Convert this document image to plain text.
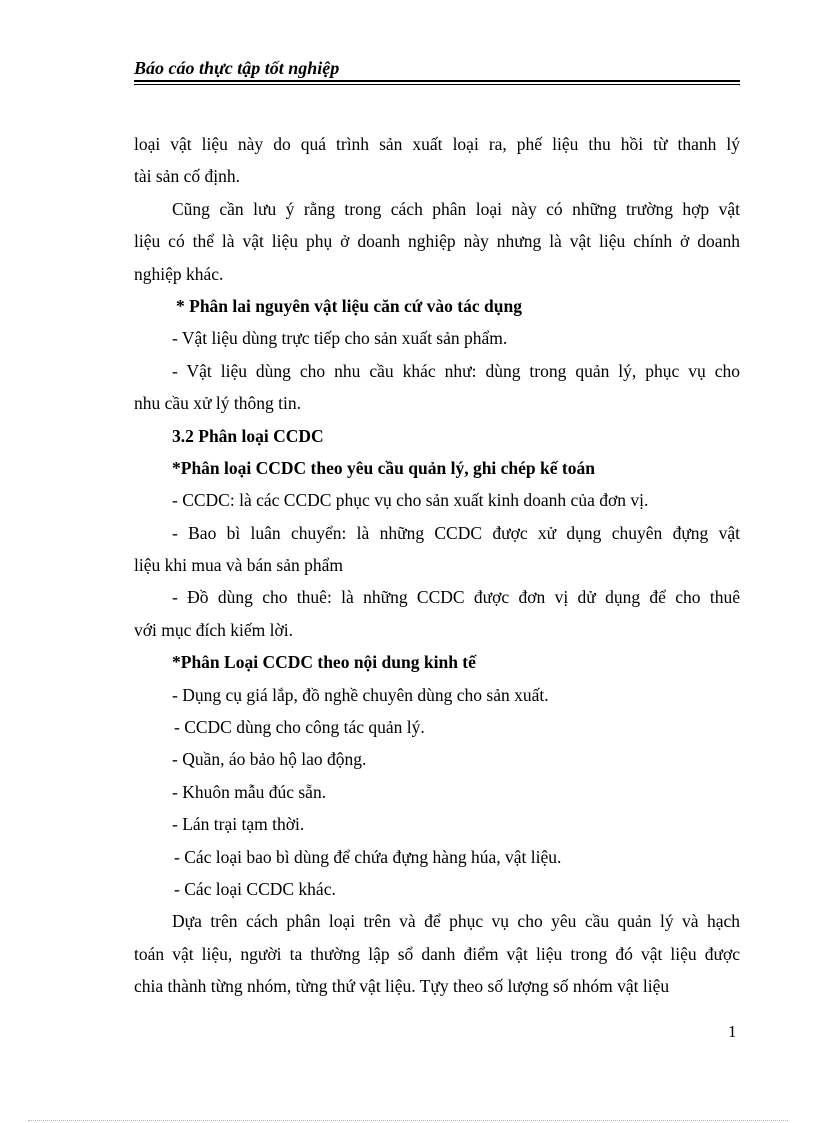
Báo cáo thực tập tốt nghiệp
loại vật liệu này do quá trình sản xuất loại ra, phế liệu thu hồi từ thanh lý
tài sản cố định.
Cũng cần lưu ý rằng trong cách phân loại này có những trường hợp vật
liệu có thể là vật liệu phụ ở doanh nghiệp này nhưng là vật liệu chính ở doanh
nghiệp khác.
* Phân lai nguyên vật liệu căn cứ vào tác dụng
- Vật liệu dùng trực tiếp cho sản xuất sản phẩm.
- Vật liệu dùng cho nhu cầu khác như: dùng trong quản lý, phục vụ cho
nhu cầu xử lý thông tin.
3.2 Phân loại CCDC
*Phân loại CCDC theo yêu cầu quản lý, ghi chép kế toán
- CCDC: là các CCDC phục vụ cho sản xuất kinh doanh của đơn vị.
- Bao bì luân chuyển: là những CCDC được xử dụng chuyên đựng vật
liệu khi mua và bán sản phẩm
- Đồ dùng cho thuê: là những CCDC được đơn vị dử dụng để cho thuê
với mục đích kiếm lời.
*Phân Loại CCDC theo nội dung kinh tế
- Dụng cụ giá lắp, đồ nghề chuyên dùng cho sản xuất.
- CCDC dùng cho công tác quản lý.
- Quần, áo bảo hộ lao động.
- Khuôn mẫu đúc sẵn.
- Lán trại tạm thời.
- Các loại bao bì dùng để chứa đựng hàng húa, vật liệu.
- Các loại CCDC khác.
Dựa trên cách phân loại trên và để phục vụ cho yêu cầu quản lý và hạch
toán vật liệu, người ta thường lập sổ danh điểm vật liệu trong đó vật liệu được
chia thành từng nhóm, từng thứ vật liệu. Tựy theo số lượng số nhóm vật liệu
1
